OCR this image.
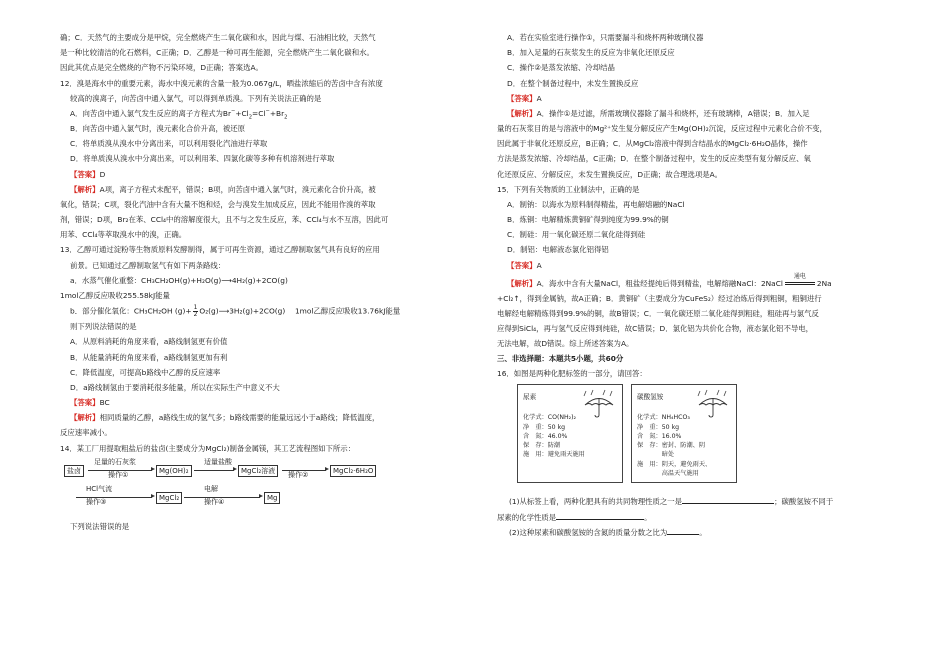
确；C．天然气的主要成分是甲烷，完全燃烧产生二氧化碳和水，因此与煤、石油相比较，天然气

是一种比较清洁的化石燃料，C正确；D．乙醇是一种可再生能源，完全燃烧产生二氧化碳和水。

因此其优点是完全燃烧的产物不污染环境，D正确；答案选A。

12．溴是海水中的重要元素，海水中溴元素的含量一般为0.067g/L，晒盐浓缩后的苦卤中含有浓度

较高的溴离子，向苦卤中通入氯气，可以得到单质溴。下列有关说法正确的是

A．向苦卤中通入氯气发生反应的离子方程式为$Br^-+Cl_2=Cl^-+Br_2$

B．向苦卤中通入氯气时，溴元素化合价升高，被还原

C．将单质溴从溴水中分离出来，可以利用裂化汽油进行萃取

D．将单质溴从溴水中分离出来，可以利用苯、四氯化碳等多种有机溶剂进行萃取

【答案】D

【解析】A项，离子方程式未配平，错误；B项，向苦卤中通入氯气时，溴元素化合价升高，被

氧化，错误；C项，裂化汽油中含有大量不饱和烃，会与溴发生加成反应，因此不能用作溴的萃取

剂，错误；D项，Br₂在苯、CCl₄中的溶解度很大，且不与之发生反应，苯、CCl₄与水不互溶，因此可

用苯、CCl₄等萃取溴水中的溴，正确。

13．乙醇可通过淀粉等生物质原料发酵制得，属于可再生资源，通过乙醇制取氢气具有良好的应用

前景。已知通过乙醇制取氢气有如下两条路线：

a．水蒸气催化重整：CH₃CH₂OH(g)+H₂O(g)⟶4H₂(g)+2CO(g)

1mol乙醇反应吸收255.58kJ能量

b．部分催化氧化：CH₃CH₂OH $(g)+ \frac{1}{2}$ O₂(g)⟶3H₂(g)+2CO(g)　 1mol乙醇反应吸收13.76kJ能量

则下列说法错误的是

A．从原料消耗的角度来看，a路线制氢更有价值

B．从能量消耗的角度来看，a路线制氢更加有利

C．降低温度，可提高b路线中乙醇的反应速率

D．a路线制氢由于要消耗很多能量，所以在实际生产中意义不大

【答案】BC

【解析】相同质量的乙醇，a路线生成的氢气多；b路线需要的能量远远小于a路线；降低温度，

反应速率减小。

14．某工厂用提取粗盐后的盐卤(主要成分为MgCl₂)制备金属镁，其工艺流程图如下所示：

盐卤
足量的石灰浆
操作①	Mg(OH)₂
适量盐酸
MgCl₂溶液	操作②	MgCl₂·6H₂O
HCl气流
操作③	MgCl₂
电解
操作④	Mg

下列说法错误的是

A．若在实验室进行操作①，只需要漏斗和烧杯两种玻璃仪器

B．加入足量的石灰浆发生的反应为非氧化还原反应

C．操作②是蒸发浓缩、冷却结晶

D．在整个制备过程中，未发生置换反应

【答案】A

【解析】A．操作①是过滤，所需玻璃仪器除了漏斗和烧杯，还有玻璃棒，A错误；B．加入足

量的石灰浆目的是与溶液中的Mg²⁺发生复分解反应产生Mg(OH)₂沉淀，反应过程中元素化合价不变，

因此属于非氧化还原反应，B正确；C．从MgCl₂溶液中得到含结晶水的MgCl₂·6H₂O晶体，操作

方法是蒸发浓缩、冷却结晶，C正确；D．在整个制备过程中，发生的反应类型有复分解反应、氧

化还原反应、分解反应，未发生置换反应，D正确；故合理选项是A。

15．下列有关物质的工业制法中，正确的是

A．制钠：以海水为原料制得精盐，再电解熔融的NaCl

B．炼铜：电解精炼黄铜矿得到纯度为99.9%的铜

C．制硅：用一氧化碳还原二氧化硅得到硅

D．制铝：电解液态氯化铝得铝

【答案】A

【解析】A．海水中含有大量NaCl，粗盐经提纯后得到精盐，电解熔融NaCl：2NaCl
通电
2Na

+Cl₂↑，得到金属钠，故A正确；B．黄铜矿（主要成分为CuFeS₂）经过冶炼后得到粗铜，粗铜进行

电解经电解精炼得到99.9%的铜，故B错误；C．一氧化碳还原二氧化硅得到粗硅，粗硅再与氯气反

应得到SiCl₄，再与氢气反应得到纯硅，故C错误；D．氯化铝为共价化合物，液态氯化铝不导电，

无法电解，故D错误。综上所述答案为A。

三、非选择题：本题共5小题，共60分

16．如图是两种化肥标签的一部分，请回答：

尿素
化学式：CO(NH₂)₂
净　重：50 kg
含　氮：46.0%
保　存：防潮
施　用：避免雨天施用
碳酸氢铵
化学式：NH₄HCO₃
净　重：50 kg
含　氮：16.0%
保　存：密封、防潮、阴
　　　　暗处
施　用：阴天，避免雨天、
　　　　高温天气施用

(1)从标签上看，两种化肥具有的共同物理性质之一是	；碳酸氢铵不同于

尿素的化学性质是	。

(2)这种尿素和碳酸氢铵的含氮的质量分数之比为	。
